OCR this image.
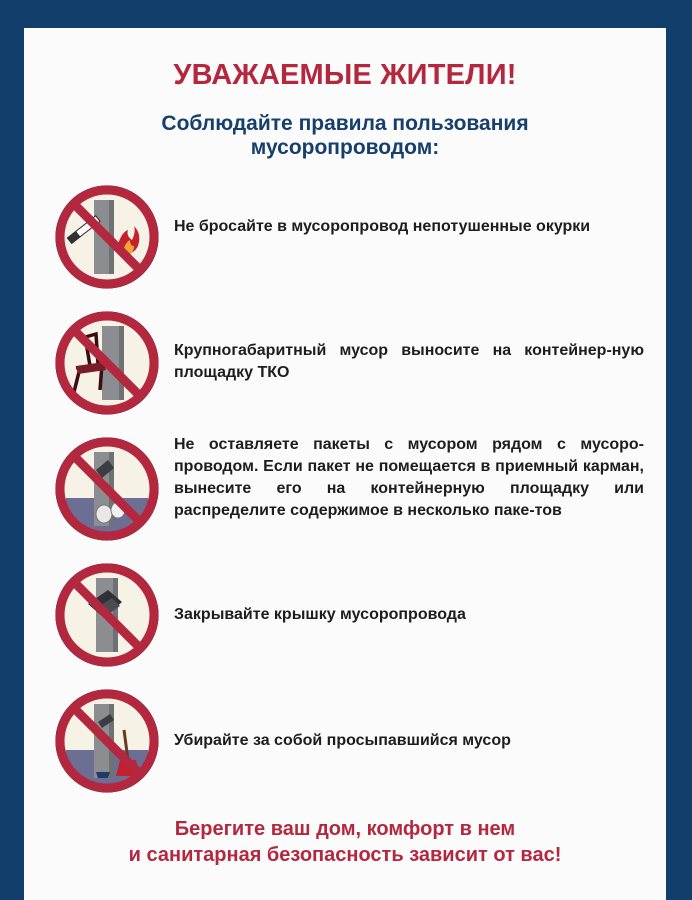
УВАЖАЕМЫЕ ЖИТЕЛИ!
Соблюдайте правила пользования
мусоропроводом:
Не бросайте в мусоропровод непотушенные окурки
Крупногабаритный мусор выносите на контейнер-ную площадку ТКО
Не оставляете пакеты с мусором рядом с мусоро-проводом. Если пакет не помещается в приемный карман, вынесите его на контейнерную площадку или распределите содержимое в несколько паке-тов
Закрывайте крышку мусоропровода
Убирайте за собой просыпавшийся мусор
Берегите ваш дом, комфорт в нем
и санитарная безопасность зависит от вас!
